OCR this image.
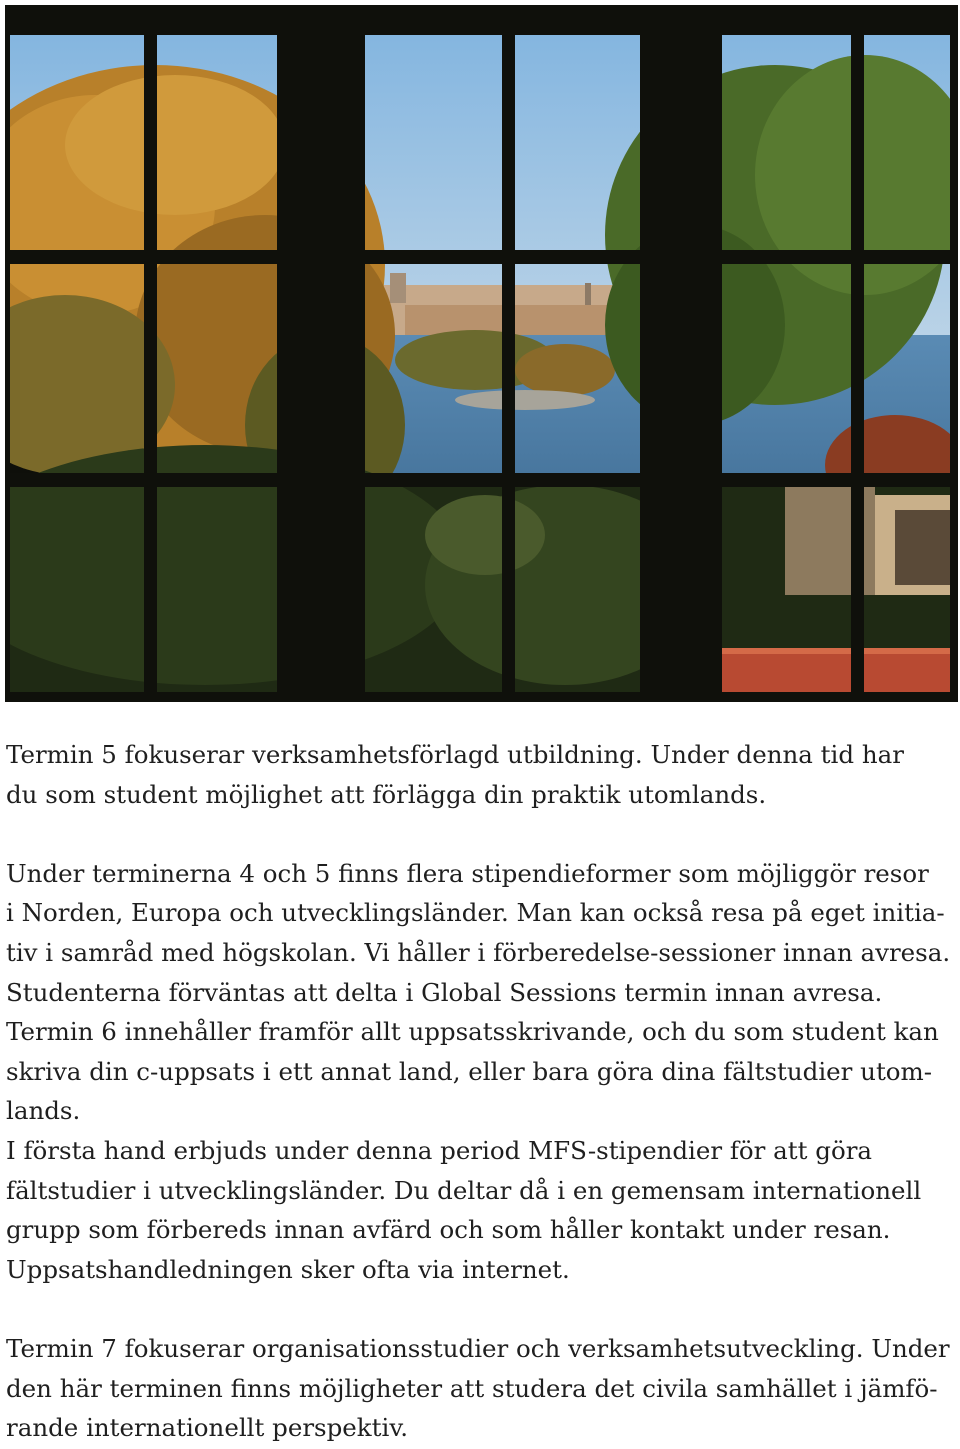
Termin 5 fokuserar verksamhetsförlagd utbildning. Under denna tid har
du som student möjlighet att förlägga din praktik utomlands.

Under terminerna 4 och 5 finns flera stipendieformer som möjliggör resor
i Norden, Europa och utvecklingsländer. Man kan också resa på eget initia-
tiv i samråd med högskolan. Vi håller i förberedelse-sessioner innan avresa.
Studenterna förväntas att delta i Global Sessions termin innan avresa.
Termin 6 innehåller framför allt uppsatsskrivande, och du som student kan
skriva din c-uppsats i ett annat land, eller bara göra dina fältstudier utom-
lands.
I första hand erbjuds under denna period MFS-stipendier för att göra
fältstudier i utvecklingsländer. Du deltar då i en gemensam internationell
grupp som förbereds innan avfärd och som håller kontakt under resan.
Uppsatshandledningen sker ofta via internet.

Termin 7 fokuserar organisationsstudier och verksamhetsutveckling. Under
den här terminen finns möjligheter att studera det civila samhället i jämfö-
rande internationellt perspektiv.
